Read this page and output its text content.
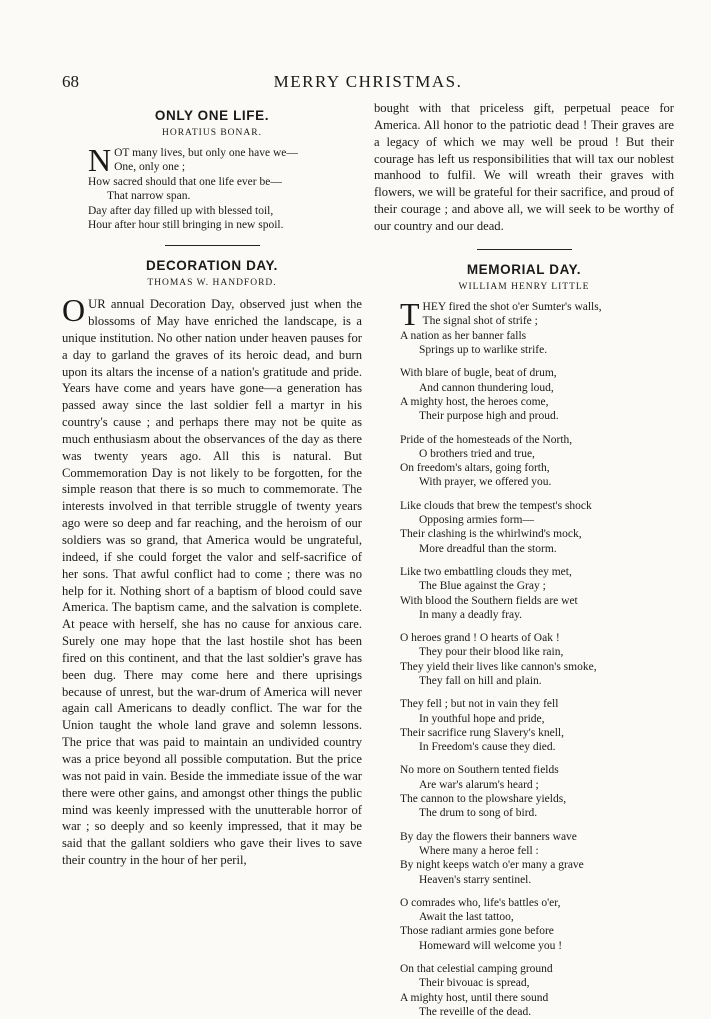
68	MERRY CHRISTMAS.
ONLY ONE LIFE.
HORATIUS BONAR.
N OT many lives, but only one have we—
One, only one ;
How sacred should that one life ever be—
That narrow span.
Day after day filled up with blessed toil,
Hour after hour still bringing in new spoil.
DECORATION DAY.
THOMAS W. HANDFORD.

OUR annual Decoration Day, observed just when the blossoms of May have enriched the landscape, is a unique institution. No other nation under heaven pauses for a day to garland the graves of its heroic dead, and burn upon its altars the incense of a nation's gratitude and pride. Years have come and years have gone—a generation has passed away since the last soldier fell a martyr in his country's cause ; and perhaps there may not be quite as much enthusiasm about the observances of the day as there was twenty years ago. All this is natural. But Commemoration Day is not likely to be forgotten, for the simple reason that there is so much to commemorate. The interests involved in that terrible struggle of twenty years ago were so deep and far reaching, and the heroism of our soldiers was so grand, that America would be ungrateful, indeed, if she could forget the valor and self-sacrifice of her sons. That awful conflict had to come ; there was no help for it. Nothing short of a baptism of blood could save America. The baptism came, and the salvation is complete. At peace with herself, she has no cause for anxious care. Surely one may hope that the last hostile shot has been fired on this continent, and that the last soldier's grave has been dug. There may come here and there uprisings because of unrest, but the war-drum of America will never again call Americans to deadly conflict. The war for the Union taught the whole land grave and solemn lessons. The price that was paid to maintain an undivided country was a price beyond all possible computation. But the price was not paid in vain. Beside the immediate issue of the war there were other gains, and amongst other things the public mind was keenly impressed with the unutterable horror of war ; so deeply and so keenly impressed, that it may be said that the gallant soldiers who gave their lives to save their country in the hour of her peril,

bought with that priceless gift, perpetual peace for America. All honor to the patriotic dead ! Their graves are a legacy of which we may well be proud ! But their courage has left us responsibilities that will tax our noblest manhood to fulfil. We will wreath their graves with flowers, we will be grateful for their sacrifice, and proud of their courage ; and above all, we will seek to be worthy of our country and our dead.

MEMORIAL DAY.
WILLIAM HENRY LITTLE
T HEY fired the shot o'er Sumter's walls,
The signal shot of strife ;
A nation as her banner falls
Springs up to warlike strife.
With blare of bugle, beat of drum,
And cannon thundering loud,
A mighty host, the heroes come,
Their purpose high and proud.
Pride of the homesteads of the North,
O brothers tried and true,
On freedom's altars, going forth,
With prayer, we offered you.
Like clouds that brew the tempest's shock
Opposing armies form—
Their clashing is the whirlwind's mock,
More dreadful than the storm.
Like two embattling clouds they met,
The Blue against the Gray ;
With blood the Southern fields are wet
In many a deadly fray.
O heroes grand ! O hearts of Oak !
They pour their blood like rain,
They yield their lives like cannon's smoke,
They fall on hill and plain.
They fell ; but not in vain they fell
In youthful hope and pride,
Their sacrifice rung Slavery's knell,
In Freedom's cause they died.
No more on Southern tented fields
Are war's alarum's heard ;
The cannon to the plowshare yields,
The drum to song of bird.
By day the flowers their banners wave
Where many a heroe fell :
By night keeps watch o'er many a grave
Heaven's starry sentinel.
O comrades who, life's battles o'er,
Await the last tattoo,
Those radiant armies gone before
Homeward will welcome you !
On that celestial camping ground
Their bivouac is spread,
A mighty host, until there sound
The reveille of the dead.
